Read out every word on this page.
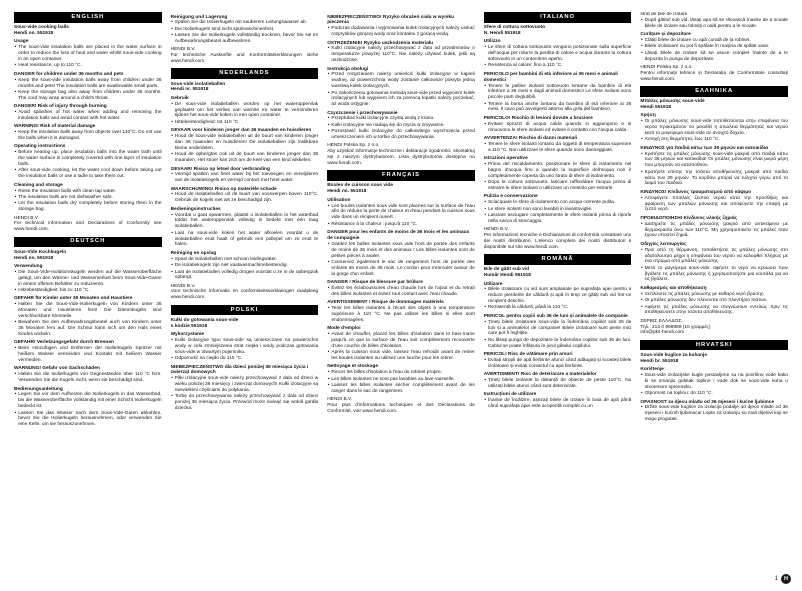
ENGLISH
Sous-vide cooking balls
Hendi no. 551918
Usage
• The sous-vide insulation balls are placed in the water surface in order to reduce the loss of heat and water whilst sous-vide cooking in an open container.
• Heat resistance, up to 110 °C.
DANGER for children under 36 months and pets
• Keep the sous-vide insulation balls away from children under 36 months and pets! The insulation balls are swallowable small parts.
• Keep the storage bag also away from children under 36 months. The cord may wrap around a child's throat.
DANGER! Risk of injury through burning
• Avoid splashes of hot water when adding and removing the insulation balls and avoid contact with hot water.
WARNING! Risk of material damage
• Keep the insulation balls away from objects over 110°C. Do not use the balls when it is damaged.
Operating instructions
• Before heating up, place insulation balls into the water bath until the water surface is completely covered with one layer of insulation balls.
• After sous-vide cooking, let the water cool down before taking out the insulation balls or use a ladle to take them out.
Cleaning and storage
• Rinse the insulation balls with clean tap water.
• The insulation balls are not dishwasher safe.
• Let the insulation balls dry completely before storing them in the storage bag.
HENDI B.V.
For technical information and Declarations of Conformity see www.hendi.com.
DEUTSCH
Sous-Vide Kochkugeln
Hendi no. 551918
Verwendung
• Die Sous-Vide-Isolationskugeln werden auf die Wasseroberfläche gelegt, um den Wärme- und Wasserverlust beim Sous-Vide-Garen in einem offenen Behälter zu reduzieren.
• Hitzebeständigkeit: bis zu 110 °C.
GEFAHR für Kinder unter 36 Monaten und Haustiere
• Halten Sie die Sous-Vide-Isolierkugeln von Kindern unter 36 Monaten und Haustieren fern! Die Dämmkugeln sind verschluckbare Kleinteile.
• Bewahren Sie den Aufbewahrungsbeutel auch von Kindern unter 36 Monaten fern auf. Die Schnur kann sich um den Hals eines Kindes wickeln.
GEFAHR! Verletzungsgefahr durch Brennen
• Beim Hinzufügen und Entfernen der Isolierkugeln Spritzer mit heißem Wasser vermeiden und Kontakt mit heißem Wasser vermeiden.
WARNUNG! Gefahr von Sachschäden
• Halten Sie die Isolierkugeln von Gegenständen über 110 °C fern. Verwenden Sie die Kugeln nicht, wenn sie beschädigt sind.
Bedienungsanleitung
• Legen Sie vor dem Aufheizen die Isolierkugeln in das Wasserbad, bis die Wasseroberfläche vollständig mit einer Schicht Isolierkugeln bedeckt ist.
• Lassen Sie das Wasser nach dem Sous-Vide-Garen abkühlen, bevor Sie die Isolierkugeln herausnehmen, oder verwenden Sie eine Kelle, um sie herauszunehmen.
Reinigung und Lagerung
• Spülen Sie die Isolierkugeln mit sauberem Leitungswasser ab.
• Die Isolierkugeln sind nicht spülmaschinenfest.
• Lassen Sie die Isolierkugeln vollständig trocknen, bevor Sie sie im Aufbewahrungsbeutel aufbewahren.
HENDI B.V.
Für technische Auskünfte und Konformitätserklärungen siehe www.hendi.com.
NEDERLANDS
Sous-vide isolatieballen
Hendi nr. 551918
Gebruik
• De sous-vide isolatieballen worden op het wateroppervlak geplaatst om het verlies van warmte en water te verminderen tijdens het sous-vide koken in een open container.
• Hittebestendigheid: tot 110 °C.
GEVAAR voor kinderen jonger dan 36 maanden en huisdieren
• Houd de sous-vide isolatieballen uit de buurt van kinderen jonger dan 36 maanden en huisdieren! De isolatieballen zijn inslikbare kleine onderdelen.
• Houd de opbergtas ook uit de buurt van kinderen jonger dan 36 maanden. Het snoer kan zich om de keel van een kind wikkelen.
GEVAAR! Risico op letsel door verbranding
• Vermijd spatten van heet water bij het toevoegen en verwijderen van de isolatiekogels en vermijd contact met heet water.
WAARSCHUWING! Risico op materiële schade
• Houd de isolatieballen uit de buurt van voorwerpen boven 110°C. Gebruik de kogels niet als ze beschadigd zijn.
Bedieningsinstructies
• Voordat u gaat opwarmen, plaatst u isolatieballen in het waterbad totdat het wateroppervlak volledig is bedekt met één laag isolatieballen.
• Laat na sous-vide koken het water afkoelen voordat u de isolatieballen eruit haalt of gebruik een pollepel om ze eruit te halen.
Reiniging en opslag
• Spoel de isolatieballen met schoon leidingwater.
• De isolatiekogels zijn niet vaatwasmachinebestendig.
• Laat de isolatieballen volledig drogen voordat u ze in de opbergzak opbergt.
HENDI B.V.
Voor technische informatie en conformiteitsverklaringen raadpleeg www.hendi.com.
POLSKI
Kulki do gotowania sous-vide
o kodzie 551918
Wykorzystanie
• Kulki izolacyjne typu sous-vide są umieszczane na powierzchni wody w celu zmniejszenia strat ciepła i wody podczas gotowania sous-vide w otwartym pojemniku.
• Odporność na ciepło do 110 °C.
NIEBEZPIECZEŃSTWO dla dzieci poniżej 36 miesiąca życia i zwierząt domowych
• Piłki izolacyjne sous-vide należy przechowywać z dala od dzieci w wieku poniżej 36 miesięcy i zwierząt domowych! Kulki izolacyjne są niewielkimi częściami do połykania.
• Torbę do przechowywania należy przechowywać z dala od dzieci poniżej 36 miesiąca życia. Przewód może owinąć się wokół gardła dziecka.
NIEBEZPIECZEŃSTWO! Ryzyko obrażeń ciała w wyniku pieczenia
• Podczas dodawania i wyjmowania kulek izolacyjnych należy unikać rozprysków gorącej wody oraz kontaktu z gorącą wodą.
OSTRZEŻENIE! Ryzyko uszkodzenia materiału
• Kulki izolacyjne należy przechowywać z dala od przedmiotów o temperaturze powyżej 110°C. Nie należy używać kulek, jeśli są uszkodzone.
Instrukcja obsługi
• Przed rozgrzaniem należy umieścić kulki izolacyjne w kąpieli wodnej, aż powierzchnia wody zostanie całkowicie pokryta jedną warstwą kulek izolacyjnych.
• Po zakończeniu gotowania metodą sous-vide przed wyjęciem kulek izolacyjnych lub wyjęciem ich za pomocą łopatki należy poczekać, aż woda ostygnie.
Czyszczenie i przechowywanie
• Przepłukać kulki izolacyjne czystą wodą z kranu.
• Kulki izolacyjne nie nadają się do mycia w zmywarce.
• Pozostawić kulki izolacyjne do całkowitego wyschnięcia przed umieszczeniem ich w torbie do przechowywania.
HENDI Polska Sp. z o.o.
Aby uzyskać informacje techniczne i deklaracje zgodności, skontaktuj się z naszym dystrybutorem. Lista dystrybutorów dostępna na www.hendi.com.
FRANÇAIS
Boules de cuisson sous vide
Hendi no. 551918
Utilisation
• Les boules isolantes sous vide sont placées sur la surface de l'eau afin de réduire la perte de chaleur et d'eau pendant la cuisson sous vide dans un récipient ouvert.
• Résistance à la chaleur : jusqu'à 110 °C.
DANGER pour les enfants de moins de 36 mois et les animaux de compagnie
• Gardez les balles isolantes sous vide hors de portée des enfants de moins de 36 mois et des animaux ! Les billes isolantes sont de petites pièces à avaler.
• Conservez également le sac de rangement hors de portée des enfants de moins de 36 mois. Le cordon peut s'enrouler autour de la gorge d'un enfant.
DANGER ! Risque de blessure par brûlure
• Évitez les éclaboussures d'eau chaude lors de l'ajout et du retrait des billes isolantes et évitez tout contact avec l'eau chaude.
AVERTISSEMENT ! Risque de dommages matériels
• Tenir les billes isolantes à l'écart des objets à une température supérieure à 110 °C. Ne pas utiliser les billes si elles sont endommagées.
Mode d'emploi
• Avant de chauffer, placez les billes d'isolation dans le bain-marie jusqu'à ce que la surface de l'eau soit complètement recouverte d'une couche de billes d'isolation.
• Après la cuisson sous vide, laissez l'eau refroidir avant de retirer les boules isolantes ou utilisez une louche pour les retirer.
Nettoyage et stockage
• Rincer les billes d'isolation à l'eau du robinet propre.
• Les billes isolantes ne sont pas lavables au lave-vaisselle.
• Laissez les billes isolantes sécher complètement avant de les ranger dans le sac de rangement.
HENDI B.V.
Pour plus d'informations techniques et des Déclarations de Conformité, voir www.hendi.com.
ITALIANO
Sfere di cottura sottovuoto
N. Hendi 551918
Utilizzo
• Le sfere di cottura sottovuoto vengono posizionate sulla superficie dell'acqua per ridurre la perdita di calore e acqua durante la cottura sottovuoto in un contenitore aperto.
• Resistenza al calore: fino a 110 °C.
PERICOLO per bambini di età inferiore ai 36 mesi e animali domestici
• Tenere le palline isolanti sottovuoto lontane da bambini di età inferiore a 36 mesi e dagli animali domestici! Le sfere isolanti sono piccole parti deglutibili.
• Tenere la borsa anche lontano da bambini di età inferiore ai 36 mesi. Il cavo può avvolgersi attorno alla gola del bambino.
PERICOLO! Rischio di lesioni dovute a bruciore
• Evitare spruzzi di acqua calda quando si aggiungono e si rimuovono le sfere isolanti ed evitare il contatto con l'acqua calda.
AVVERTENZA! Rischio di danni materiali
• Tenere le sfere isolanti lontano da oggetti di temperatura superiore a 110 °C. Non utilizzare le sfere quando sono danneggiate.
Istruzioni operative
• Prima del riscaldamento, posizionare le sfere di isolamento nel bagno d'acqua fino a quando la superficie dell'acqua non è completamente coperta da uno strato di sfere di isolamento.
• Dopo la cottura sottovuoto, lasciare raffreddare l'acqua prima di estrarre le sfere isolanti o utilizzare un mestolo per estrarle.
Pulizia e conservazione
• Sciacquare le sfere di isolamento con acqua corrente pulita.
• Le sfere isolanti non sono lavabili in lavastoviglie.
• Lasciare asciugare completamente le sfere isolanti prima di riporle nella sacca di stoccaggio.
HENDI B.V.
Per informazioni tecniche e Dichiarazioni di conformità contattare uno dei nostri distributori. L'elenco completo dei nostri distributori è disponibile sul sito www.hendi.com.
ROMÂNĂ
Bile de gătit sub vid
Număr Hendi 551918
Utilizare
• Bilele izolatoare cu vid sunt amplasate pe suprafața apei pentru a reduce pierderile de căldură și apă în timp ce gătiți sub vid într-un recipient deschis.
• Rezistență la căldură, până la 110 °C.
PERICOL pentru copiii sub 36 de luni și animalele de companie
• Țineți bilele izolatoare sous-vide la îndemâna copiilor sub 36 de luni și a animalelor de companie! Bilele izolatoare sunt piese mici care pot fi înghițite.
• Nu lăsați punga de depozitare la îndemâna copiilor sub 36 de luni. Cablul se poate înfășura în jurul gâtului copilului.
PERICOL! Risc de vătămare prin arsuri
• Evitați stropii de apă fierbinte atunci când adăugați și scoateți bilele izolatoare și evitați contactul cu apa fierbinte.
AVERTISMENT! Risc de deteriorare a materialelor
• Țineți bilele izolante la distanță de obiecte de peste 110°C. Nu utilizați bilele atunci când sunt deteriorate.
Instrucțiuni de utilizare
• Înainte de încălzire, așezați bilele de izolare în baia de apă până când suprafața apei este acoperită complet cu un
strat de bile de izolare.
• După gătitul sub vid, lăsați apa să se răcească înainte de a scoate bilele de izolare sau folosiți o oală pentru a le scoate.
Curățare și depozitare
• Clătiți bilele de izolare cu apă curată de la robinet.
• Bilele izolatoare nu pot fi spălate în mașina de spălat vase.
• Lăsați bilele de izolare să se usuce complet înainte de a le depozita în punga de depozitare.
HENDI Polska Sp. z o.o.
Pentru informații tehnice și Declarația de Conformitate consultați www.hendi.com.
ΕΛΛΗΝΙΚΑ
Μπάλες μόνωσης sous-vide
Hendi 551918
Χρήση
• Οι μπάλες μόνωσης sous-vide τοποθετούνται στην επιφάνεια του νερού προκειμένου να μειωθεί η απώλεια θερμότητας και νερού κατά το μαγείρεμα sous-vide σε ανοιχτό δοχείο.
• Αντοχή στη θερμότητα, έως 110 °C.
ΚΙΝΔΥΝΟΣ για παιδιά κάτω των 36 μηνών και κατοικίδια
• Κρατήστε τις μπάλες μόνωσης sous-vide μακριά από παιδιά κάτω των 36 μηνών και κατοικίδια! Οι μπάλες μόνωσης είναι μικρά μέρη που μπορούν να καταποθούν.
• Κρατήστε επίσης την τσάντα αποθήκευσης μακριά από παιδιά κάτω των 36 μηνών. Το κορδόνι μπορεί να τυλιχτεί γύρω από το λαιμό του παιδιού.
ΚΙΝΔΥΝΟΣ! Κίνδυνος τραυματισμού από κάψιμο
• Αποφύγετε πιτσιλιές ζεστού νερού κατά την προσθήκη και αφαίρεση των μπαλών μόνωσης και αποφύγετε την επαφή με ζεστό νερό.
ΠΡΟΕΙΔΟΠΟΙΗΣΗ! Κίνδυνος υλικής ζημιάς
• Διατηρείτε τις μπάλες μόνωσης μακριά από αντικείμενα με θερμοκρασία άνω των 110°C. Μη χρησιμοποιείτε τις μπάλες όταν έχουν υποστεί ζημιά.
Οδηγίες λειτουργίας
• Πριν από τη θέρμανση, τοποθετήστε τις μπάλες μόνωσης στο υδατόλουτρο μέχρι η επιφάνεια του νερού να καλυφθεί πλήρως με ένα στρώμα από μπάλες μόνωσης.
• Μετά το μαγείρεμα sous-vide, αφήστε το νερό να κρυώσει πριν βγάλετε τις μπάλες μόνωσης ή χρησιμοποιήστε μια κουτάλα για να τις βγάλετε.
Καθαρισμός και αποθήκευση
• Ξεπλύνετε τις μπάλες μόνωσης με καθαρό νερό βρύσης.
• Οι μπάλες μόνωσης δεν πλένονται στο πλυντήριο πιάτων.
• Αφήστε τις μπάλες μόνωσης να στεγνώσουν εντελώς πριν τις αποθηκεύσετε στην τσάντα αποθήκευσης.
ΣΕΡΒΙΣ ΕΛΛΑΔΟΣ:
Τηλ.: 213 0 998989 (10 γραμμές)
info@pks-hendi.com
HRVATSKI
Sous-vide kuglice za kuhanje
Hendi br. 551918
Korištenje
• Sous-vide izolacijske kugle postavljene su na površinu vode kako bi se smanjio gubitak topline i vode dok se sous-vide kuha u otvorenom spremniku.
• Otpornost na toplinu: do 110 °C.
OPASNOST za djecu mlađu od 36 mjeseci i kućne ljubimce
• Držite sous-vide kuglice za izolaciju podalje od djece mlađe od 36 mjeseci i kućnih ljubimaca! Lopte za izolaciju su mali dijelovi koji se mogu progutati.
1	H
